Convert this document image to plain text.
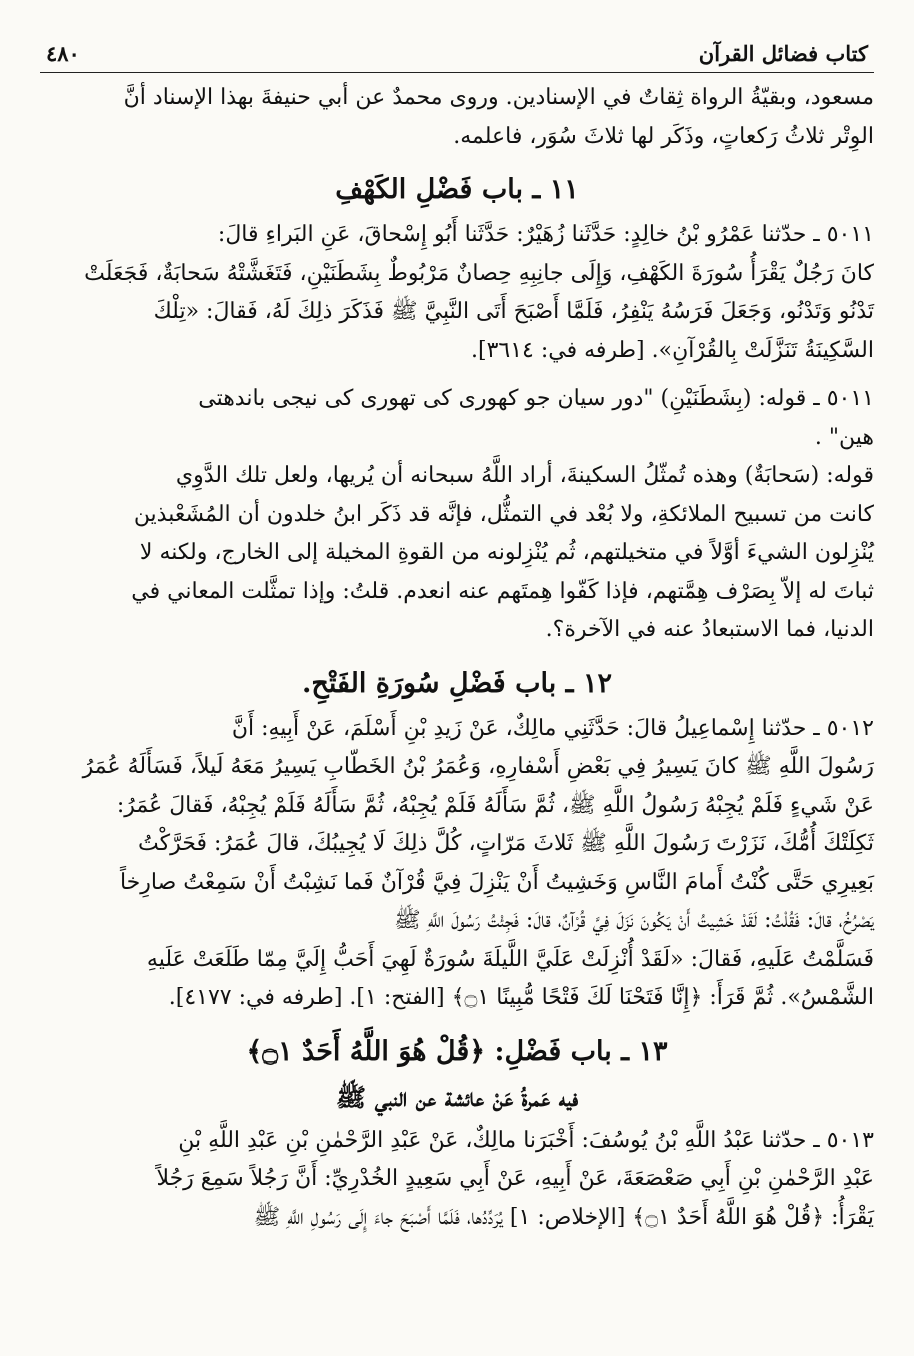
كتاب فضائل القرآن
٤٨٠
مسعود، وبقيّةُ الرواة ثِقاتٌ في الإسنادين. وروى محمدٌ عن أبي حنيفةَ بهذا الإسناد أنَّ
الوِتْر ثلاثُ رَكعاتٍ، وذَكَر لها ثلاثَ سُوَر، فاعلمه.
١١ ـ باب فَضْلِ الكَهْفِ
٥٠١١ ـ حدّثنا عَمْرُو بْنُ خالِدٍ: حَدَّثَنا زُهَيْرٌ: حَدَّثَنا أَبُو إِسْحاقَ، عَنِ البَراءِ قالَ:
كانَ رَجُلٌ يَقْرَأُ سُورَةَ الكَهْفِ، وَإِلَى جانِبِهِ حِصانٌ مَرْبُوطٌ بِشَطَنَيْنِ، فَتَغَشَّتْهُ سَحابَةٌ، فَجَعَلَتْ
تَدْنُو وَتَدْنُو، وَجَعَلَ فَرَسُهُ يَنْفِرُ، فَلَمَّا أَصْبَحَ أَتَى النَّبِيَّ ﷺ فَذَكَرَ ذلِكَ لَهُ، فَقالَ: «تِلْكَ
السَّكِينَةُ تَنَزَّلَتْ بِالقُرْآنِ». [طرفه في: ٣٦١٤].
٥٠١١ ـ قوله: (بِشَطَنَيْنِ) "دور سيان جو كهورى كى تهورى كى نيجى باندهتى
هين" .
قوله: (سَحابَةٌ) وهذه تُمثّلُ السكينةَ، أراد اللَّهُ سبحانه أن يُريها، ولعل تلك الدَّوِي
كانت من تسبيح الملائكةِ، ولا بُعْد في التمثُّل، فإنَّه قد ذَكَر ابنُ خلدون أن المُشَعْبذين
يُنْزِلون الشيءَ أوَّلاً في متخيلتهم، ثُم يُنْزِلونه من القوةِ المخيلة إلى الخارج، ولكنه لا
ثباتَ له إلاّ بِصَرْف هِمَّتهم، فإذا كَفّوا هِمتَهم عنه انعدم. قلتُ: وإذا تمثَّلت المعاني في
الدنيا، فما الاستبعادُ عنه في الآخرة؟.
١٢ ـ باب فَضْلِ سُورَةِ الفَتْحِ.
٥٠١٢ ـ حدّثنا إِسْماعِيلُ قالَ: حَدَّثَنِي مالِكٌ، عَنْ زَيدِ بْنِ أَسْلَمَ، عَنْ أَبِيهِ: أَنَّ
رَسُولَ اللَّهِ ﷺ كانَ يَسِيرُ فِي بَعْضِ أَسْفارِهِ، وَعُمَرُ بْنُ الخَطّابِ يَسِيرُ مَعَهُ لَيلاً، فَسَأَلَهُ عُمَرُ
عَنْ شَيءٍ فَلَمْ يُجِبْهُ رَسُولُ اللَّهِ ﷺ، ثُمَّ سَأَلَهُ فَلَمْ يُجِبْهُ، ثُمَّ سَأَلَهُ فَلَمْ يُجِبْهُ، فَقالَ عُمَرُ:
ثَكِلَتْكَ أُمُّكَ، نَزَرْتَ رَسُولَ اللَّهِ ﷺ ثَلاثَ مَرّاتٍ، كُلَّ ذلِكَ لَا يُجِيبُكَ، قالَ عُمَرُ: فَحَرَّكْتُ
بَعِيرِي حَتَّى كُنْتُ أَمامَ النَّاسِ وَخَشِيتُ أَنْ يَنْزِلَ فِيَّ قُرْآنٌ فَما نَشِبْتُ أَنْ سَمِعْتُ صارِخاً
يَصْرُخُ، قالَ: فَقُلْتُ: لَقَدْ خَشِيتُ أَنْ يَكُونَ نَزَلَ فِيَّ قُرْآنٌ، قالَ: فَجِئْتُ رَسُولَ اللَّهِ ﷺ
فَسَلَّمْتُ عَلَيهِ، فَقالَ: «لَقَدْ أُنْزِلَتْ عَلَيَّ اللَّيلَةَ سُورَةٌ لَهِيَ أَحَبُّ إِلَيَّ مِمّا طَلَعَتْ عَلَيهِ
الشَّمْسُ». ثُمَّ قَرَأَ: ﴿إِنَّا فَتَحْنَا لَكَ فَتْحًا مُّبِينًا ۝١﴾ [الفتح: ١]. [طرفه في: ٤١٧٧].
١٣ ـ باب فَضْلِ: ﴿قُلْ هُوَ اللَّهُ أَحَدٌ ۝١﴾
فيه عَمرةُ عَنْ عائشة عن النبي ﷺ
٥٠١٣ ـ حدّثنا عَبْدُ اللَّهِ بْنُ يُوسُفَ: أَخْبَرَنا مالِكٌ، عَنْ عَبْدِ الرَّحْمٰنِ بْنِ عَبْدِ اللَّهِ بْنِ
عَبْدِ الرَّحْمٰنِ بْنِ أَبِي صَعْصَعَةَ، عَنْ أَبِيهِ، عَنْ أَبِي سَعِيدٍ الخُدْرِيِّ: أَنَّ رَجُلاً سَمِعَ رَجُلاً
يَقْرَأُ: ﴿قُلْ هُوَ اللَّهُ أَحَدٌ ۝١﴾ [الإخلاص: ١] يُرَدِّدُها، فَلَمَّا أَصْبَحَ جاءَ إِلَى رَسُولِ اللَّهِ ﷺ
